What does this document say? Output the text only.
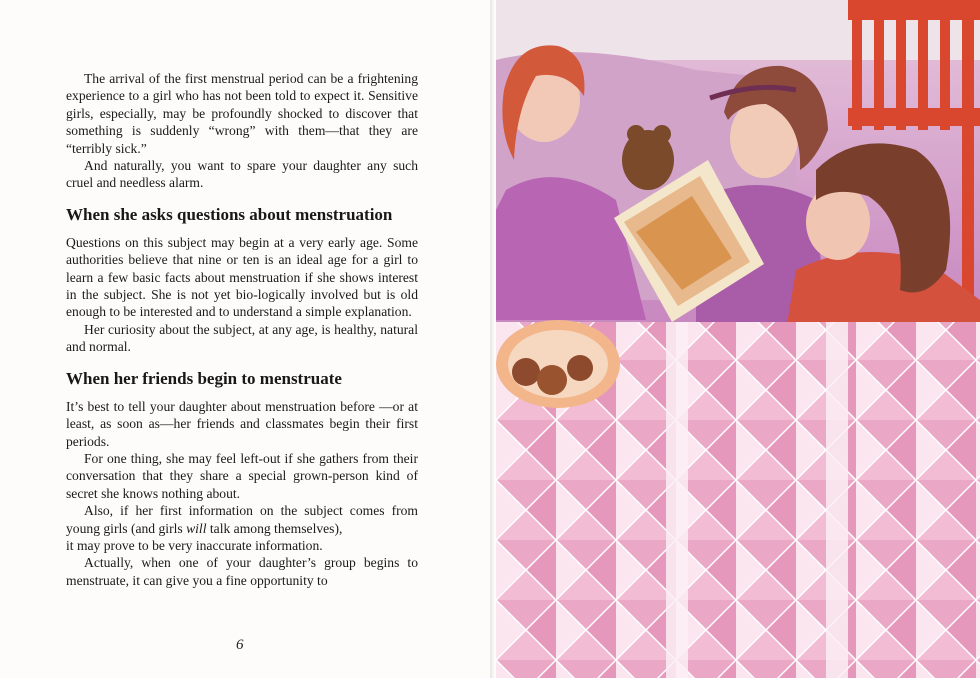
The arrival of the first menstrual period can be a frightening experience to a girl who has not been told to expect it. Sensitive girls, especially, may be profoundly shocked to discover that something is suddenly “wrong” with them—that they are “terribly sick.”

And naturally, you want to spare your daughter any such cruel and needless alarm.

When she asks questions about menstruation

Questions on this subject may begin at a very early age. Some authorities believe that nine or ten is an ideal age for a girl to learn a few basic facts about menstruation if she shows interest in the subject. She is not yet bio-logically involved but is old enough to be interested and to understand a simple explanation.

Her curiosity about the subject, at any age, is healthy, natural and normal.

When her friends begin to menstruate

It’s best to tell your daughter about menstruation before —or at least, as soon as—her friends and classmates begin their first periods.

For one thing, she may feel left-out if she gathers from their conversation that they share a special grown-person kind of secret she knows nothing about.

Also, if her first information on the subject comes from young girls (and girls will talk among themselves),

it may prove to be very inaccurate information.

Actually, when one of your daughter’s group begins to menstruate, it can give you a fine opportunity to

6
